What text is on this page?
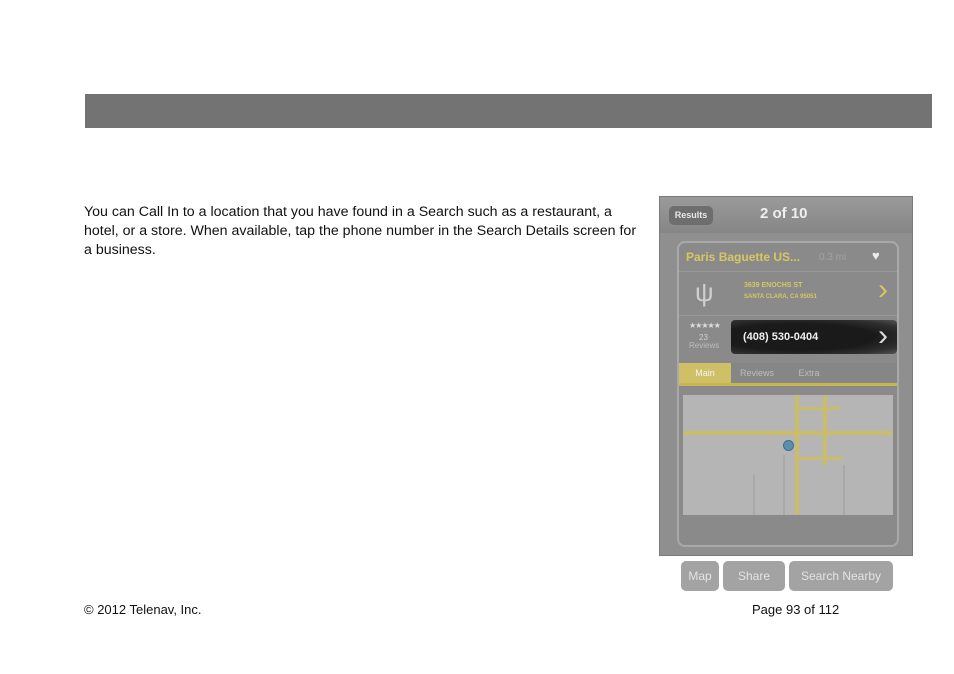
You can Call In to a location that you have found in a Search such as a restaurant, a hotel, or a store. When available, tap the phone number in the Search Details screen for a business.
Results	2 of 10
Paris Baguette US... 0.3 mi ♥
ψ	3639 ENOCHS ST
SANTA CLARA, CA 95051 ›
★★★★★
23
Reviews
(408) 530-0404 ›
Main	Reviews	Extra
Map	Share	Search Nearby
© 2012 Telenav, Inc.	Page 93 of 112
